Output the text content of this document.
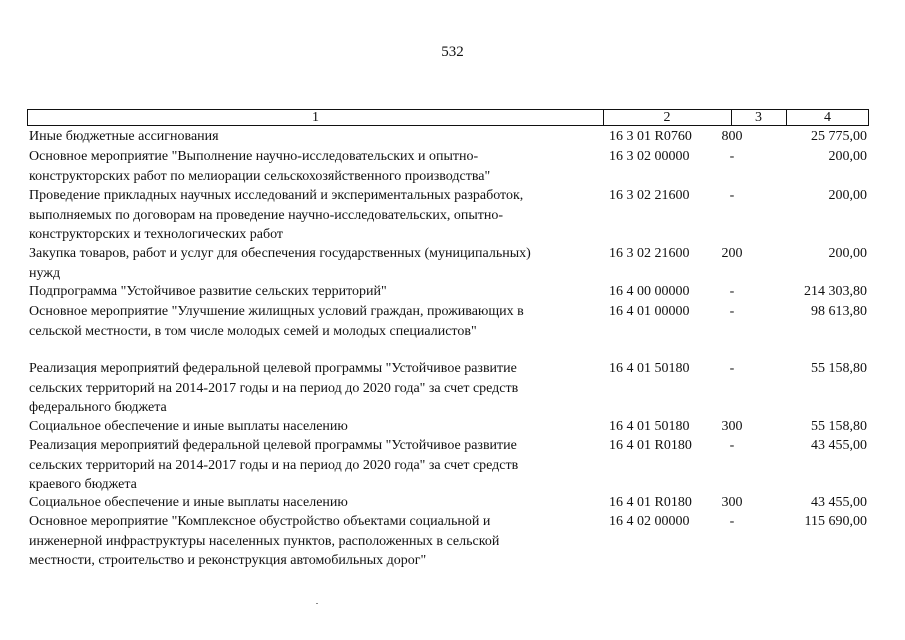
532
1	2	3	4
Иные бюджетные ассигнования	16 3 01 R0760	800	25 775,00
Основное мероприятие "Выполнение научно-исследовательских и опытно-
конструкторских работ по мелиорации сельскохозяйственного производства"
16 3 02 00000	-	200,00
Проведение прикладных научных исследований и экспериментальных разработок,
выполняемых по договорам на проведение научно-исследовательских, опытно-
конструкторских и технологических работ
16 3 02 21600	-	200,00
Закупка товаров, работ и услуг для обеспечения государственных (муниципальных)
нужд
16 3 02 21600	200	200,00
Подпрограмма "Устойчивое развитие сельских территорий"	16 4 00 00000	-	214 303,80
Основное мероприятие "Улучшение жилищных условий граждан, проживающих в
сельской местности, в том числе молодых семей и молодых специалистов"
16 4 01 00000	-	98 613,80
Реализация мероприятий федеральной целевой программы "Устойчивое развитие
сельских территорий на 2014-2017 годы и на период до 2020 года" за счет средств
федерального бюджета
16 4 01 50180	-	55 158,80
Социальное обеспечение и иные выплаты населению	16 4 01 50180	300	55 158,80
Реализация мероприятий федеральной целевой программы "Устойчивое развитие
сельских территорий на 2014-2017 годы и на период до 2020 года" за счет средств
краевого бюджета
16 4 01 R0180	-	43 455,00
Социальное обеспечение и иные выплаты населению	16 4 01 R0180	300	43 455,00
Основное мероприятие "Комплексное обустройство объектами социальной и
инженерной инфраструктуры населенных пунктов, расположенных в сельской
местности, строительство и реконструкция автомобильных дорог"
16 4 02 00000	-	115 690,00
